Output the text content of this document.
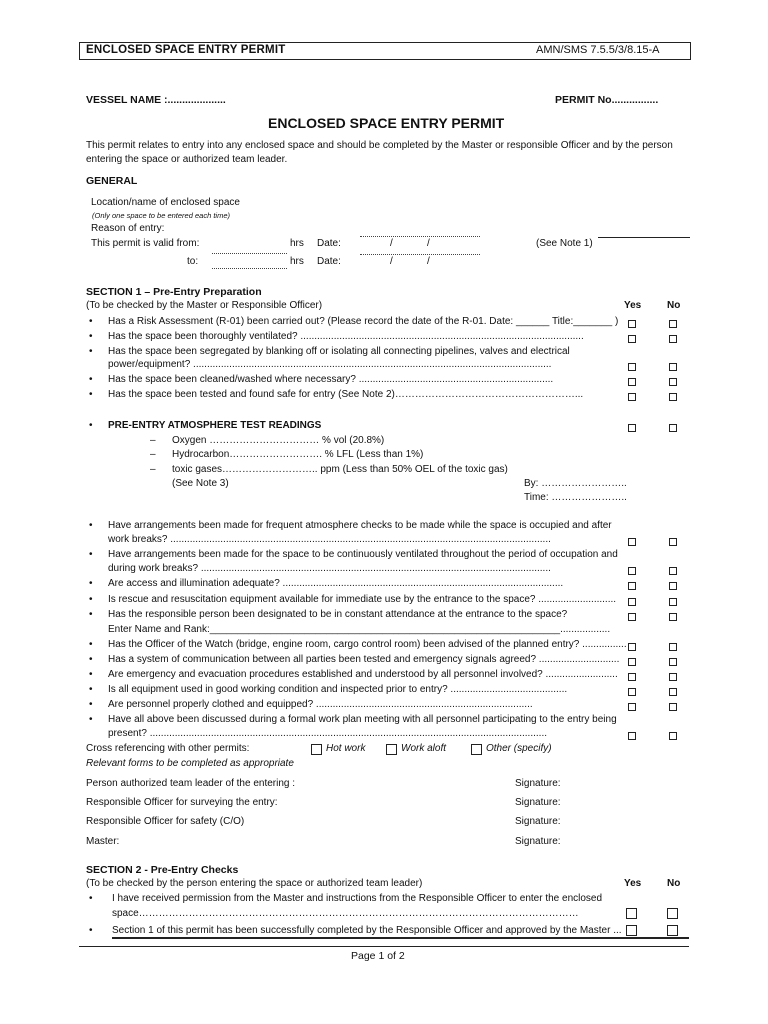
ENCLOSED SPACE ENTRY PERMIT	AMN/SMS 7.5.5/3/8.15-A
VESSEL NAME :....................	PERMIT No................
ENCLOSED SPACE ENTRY PERMIT
This permit relates to entry into any enclosed space and should be completed by the Master or responsible Officer and by the person
entering the space or authorized team leader.
GENERAL
Location/name of enclosed space
(Only one space to be entered each time)
Reason of entry:
This permit is valid from:	hrs Date:	/	/	(See Note 1)
to:	hrs Date:	/	/
SECTION 1 – Pre-Entry Preparation
(To be checked by the Master or Responsible Officer)	Yes	No
• Has a Risk Assessment (R-01) been carried out? (Please record the date of the R-01. Date: ______ Title:_______ )
• Has the space been thoroughly ventilated? ......................................................................................................
• Has the space been segregated by blanking off or isolating all connecting pipelines, valves and electrical
power/equipment? .................................................................................................................................
• Has the space been cleaned/washed where necessary? ......................................................................
• Has the space been tested and found safe for entry (See Note 2)………………………………………………...
• PRE-ENTRY ATMOSPHERE TEST READINGS
– Oxygen …………………………… % vol (20.8%)
– Hydrocarbon………………………. % LFL (Less than 1%)
– toxic gases……………………….. ppm (Less than 50% OEL of the toxic gas)
(See Note 3)	By: ……………………..
Time: …………………..
• Have arrangements been made for frequent atmosphere checks to be made while the space is occupied and after
work breaks? .........................................................................................................................................
• Have arrangements been made for the space to be continuously ventilated throughout the period of occupation and
during work breaks? ..............................................................................................................................
• Are access and illumination adequate? .....................................................................................................
• Is rescue and resuscitation equipment available for immediate use by the entrance to the space? ............................
• Has the responsible person been designated to be in constant attendance at the entrance to the space?
Enter Name and Rank:_______________________________________________________________..................
• Has the Officer of the Watch (bridge, engine room, cargo control room) been advised of the planned entry? ................
• Has a system of communication between all parties been tested and emergency signals agreed? .............................
• Are emergency and evacuation procedures established and understood by all personnel involved? ..........................
• Is all equipment used in good working condition and inspected prior to entry? ..........................................
• Are personnel properly clothed and equipped? ..............................................................................
• Have all above been discussed during a formal work plan meeting with all personnel participating to the entry being
present? ...............................................................................................................................................
Cross referencing with other permits:	Hot work	Work aloft	Other (specify)
Relevant forms to be completed as appropriate
Person authorized team leader of the entering :	Signature:
Responsible Officer for surveying the entry:	Signature:
Responsible Officer for safety (C/O)	Signature:
Master:	Signature:
SECTION 2 - Pre-Entry Checks
(To be checked by the person entering the space or authorized team leader)	Yes	No
• I have received permission from the Master and instructions from the Responsible Officer to enter the enclosed
space……………………………………………………………………………………………………………………
• Section 1 of this permit has been successfully completed by the Responsible Officer and approved by the Master ...
Page 1 of 2
